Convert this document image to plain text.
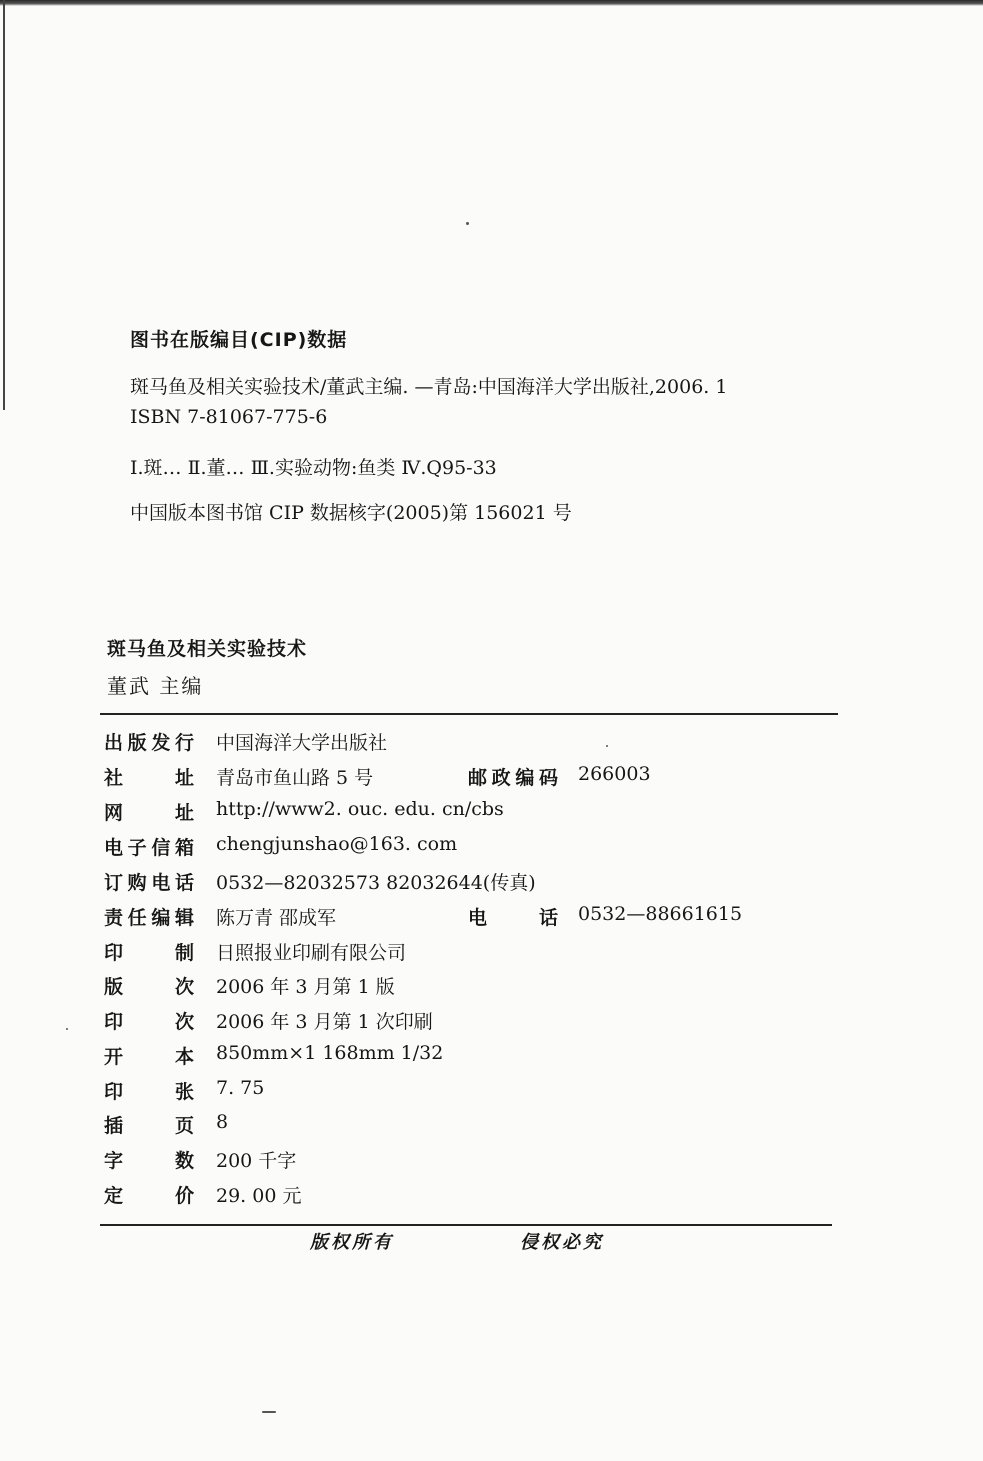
图书在版编目(CIP)数据
斑马鱼及相关实验技术/董武主编. —青岛:中国海洋大学出版社,2006. 1
ISBN 7-81067-775-6
Ⅰ.斑… Ⅱ.董… Ⅲ.实验动物:鱼类 Ⅳ.Q95-33
中国版本图书馆 CIP 数据核字(2005)第 156021 号
斑马鱼及相关实验技术
董武 主编
出 版 发 行 中国海洋大学出版社
社	址 青岛市鱼山路 5 号	邮 政 编 码 266003
网	址 http://www2. ouc. edu. cn/cbs
电 子 信 箱 chengjunshao@163. com
订 购 电 话 0532—82032573 82032644(传真)
责 任 编 辑 陈万青 邵成军	电	话 0532—88661615
印	制 日照报业印刷有限公司
版	次 2006 年 3 月第 1 版
印	次 2006 年 3 月第 1 次印刷
开	本 850mm×1 168mm 1/32
印	张 7. 75
插	页 8
字	数 200 千字
定	价 29. 00 元
版权所有	侵权必究
